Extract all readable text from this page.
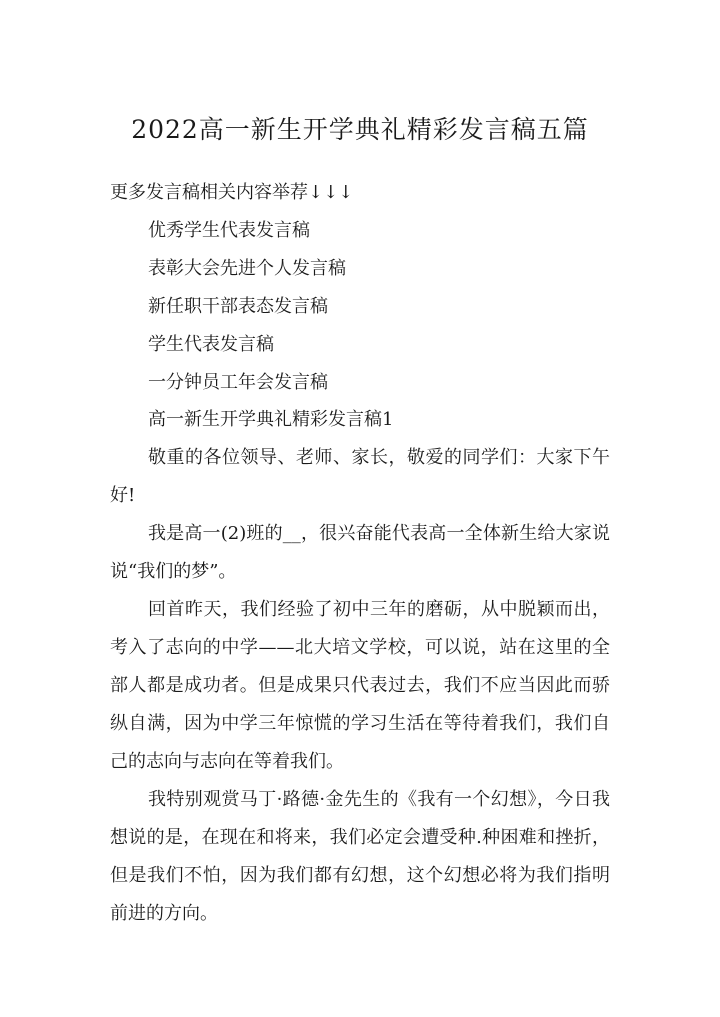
2022高一新生开学典礼精彩发言稿五篇
更多发言稿相关内容举荐↓↓↓
优秀学生代表发言稿
表彰大会先进个人发言稿
新任职干部表态发言稿
学生代表发言稿
一分钟员工年会发言稿
高一新生开学典礼精彩发言稿1
敬重的各位领导、老师、家长，敬爱的同学们：大家下午好!
我是高一(2)班的__，很兴奋能代表高一全体新生给大家说说“我们的梦”。
回首昨天，我们经验了初中三年的磨砺，从中脱颖而出，考入了志向的中学——北大培文学校，可以说，站在这里的全部人都是成功者。但是成果只代表过去，我们不应当因此而骄纵自满，因为中学三年惊慌的学习生活在等待着我们，我们自己的志向与志向在等着我们。
我特别观赏马丁·路德·金先生的《我有一个幻想》，今日我想说的是，在现在和将来，我们必定会遭受种.种困难和挫折，但是我们不怕，因为我们都有幻想，这个幻想必将为我们指明前进的方向。
